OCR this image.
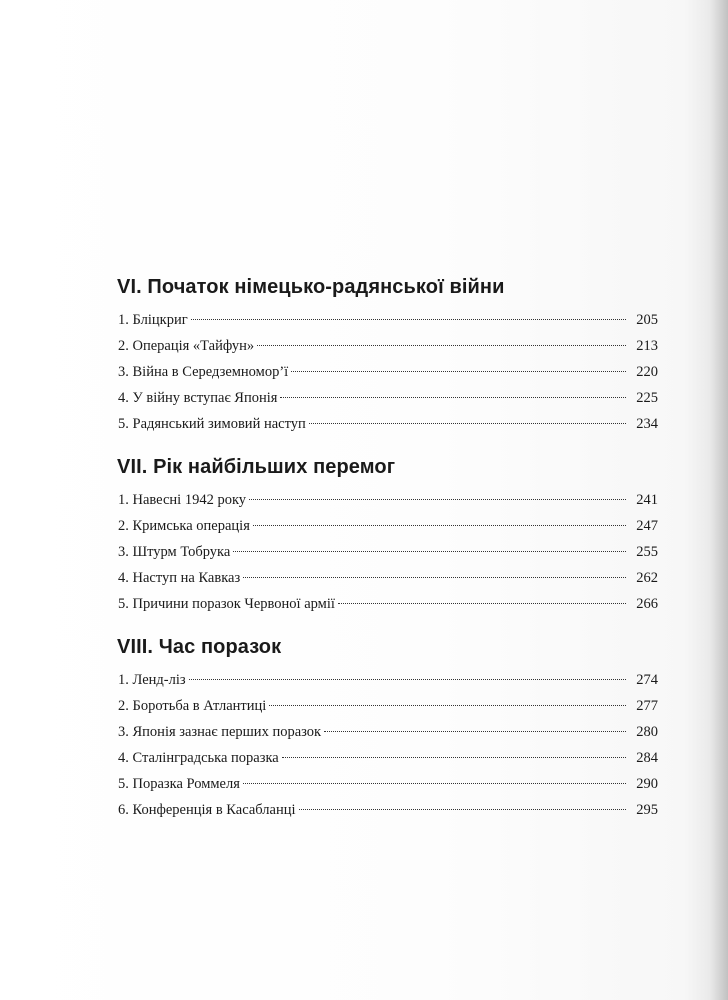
VI. Початок німецько-радянської війни
1. Бліцкриг	205
2. Операція «Тайфун»	213
3. Війна в Середземномор’ї	220
4. У війну вступає Японія	225
5. Радянський зимовий наступ	234
VII. Рік найбільших перемог
1. Навесні 1942 року	241
2. Кримська операція	247
3. Штурм Тобрука	255
4. Наступ на Кавказ	262
5. Причини поразок Червоної армії	266
VIII. Час поразок
1. Ленд-ліз	274
2. Боротьба в Атлантиці	277
3. Японія зазнає перших поразок	280
4. Сталінградська поразка	284
5. Поразка Роммеля	290
6. Конференція в Касабланці	295
